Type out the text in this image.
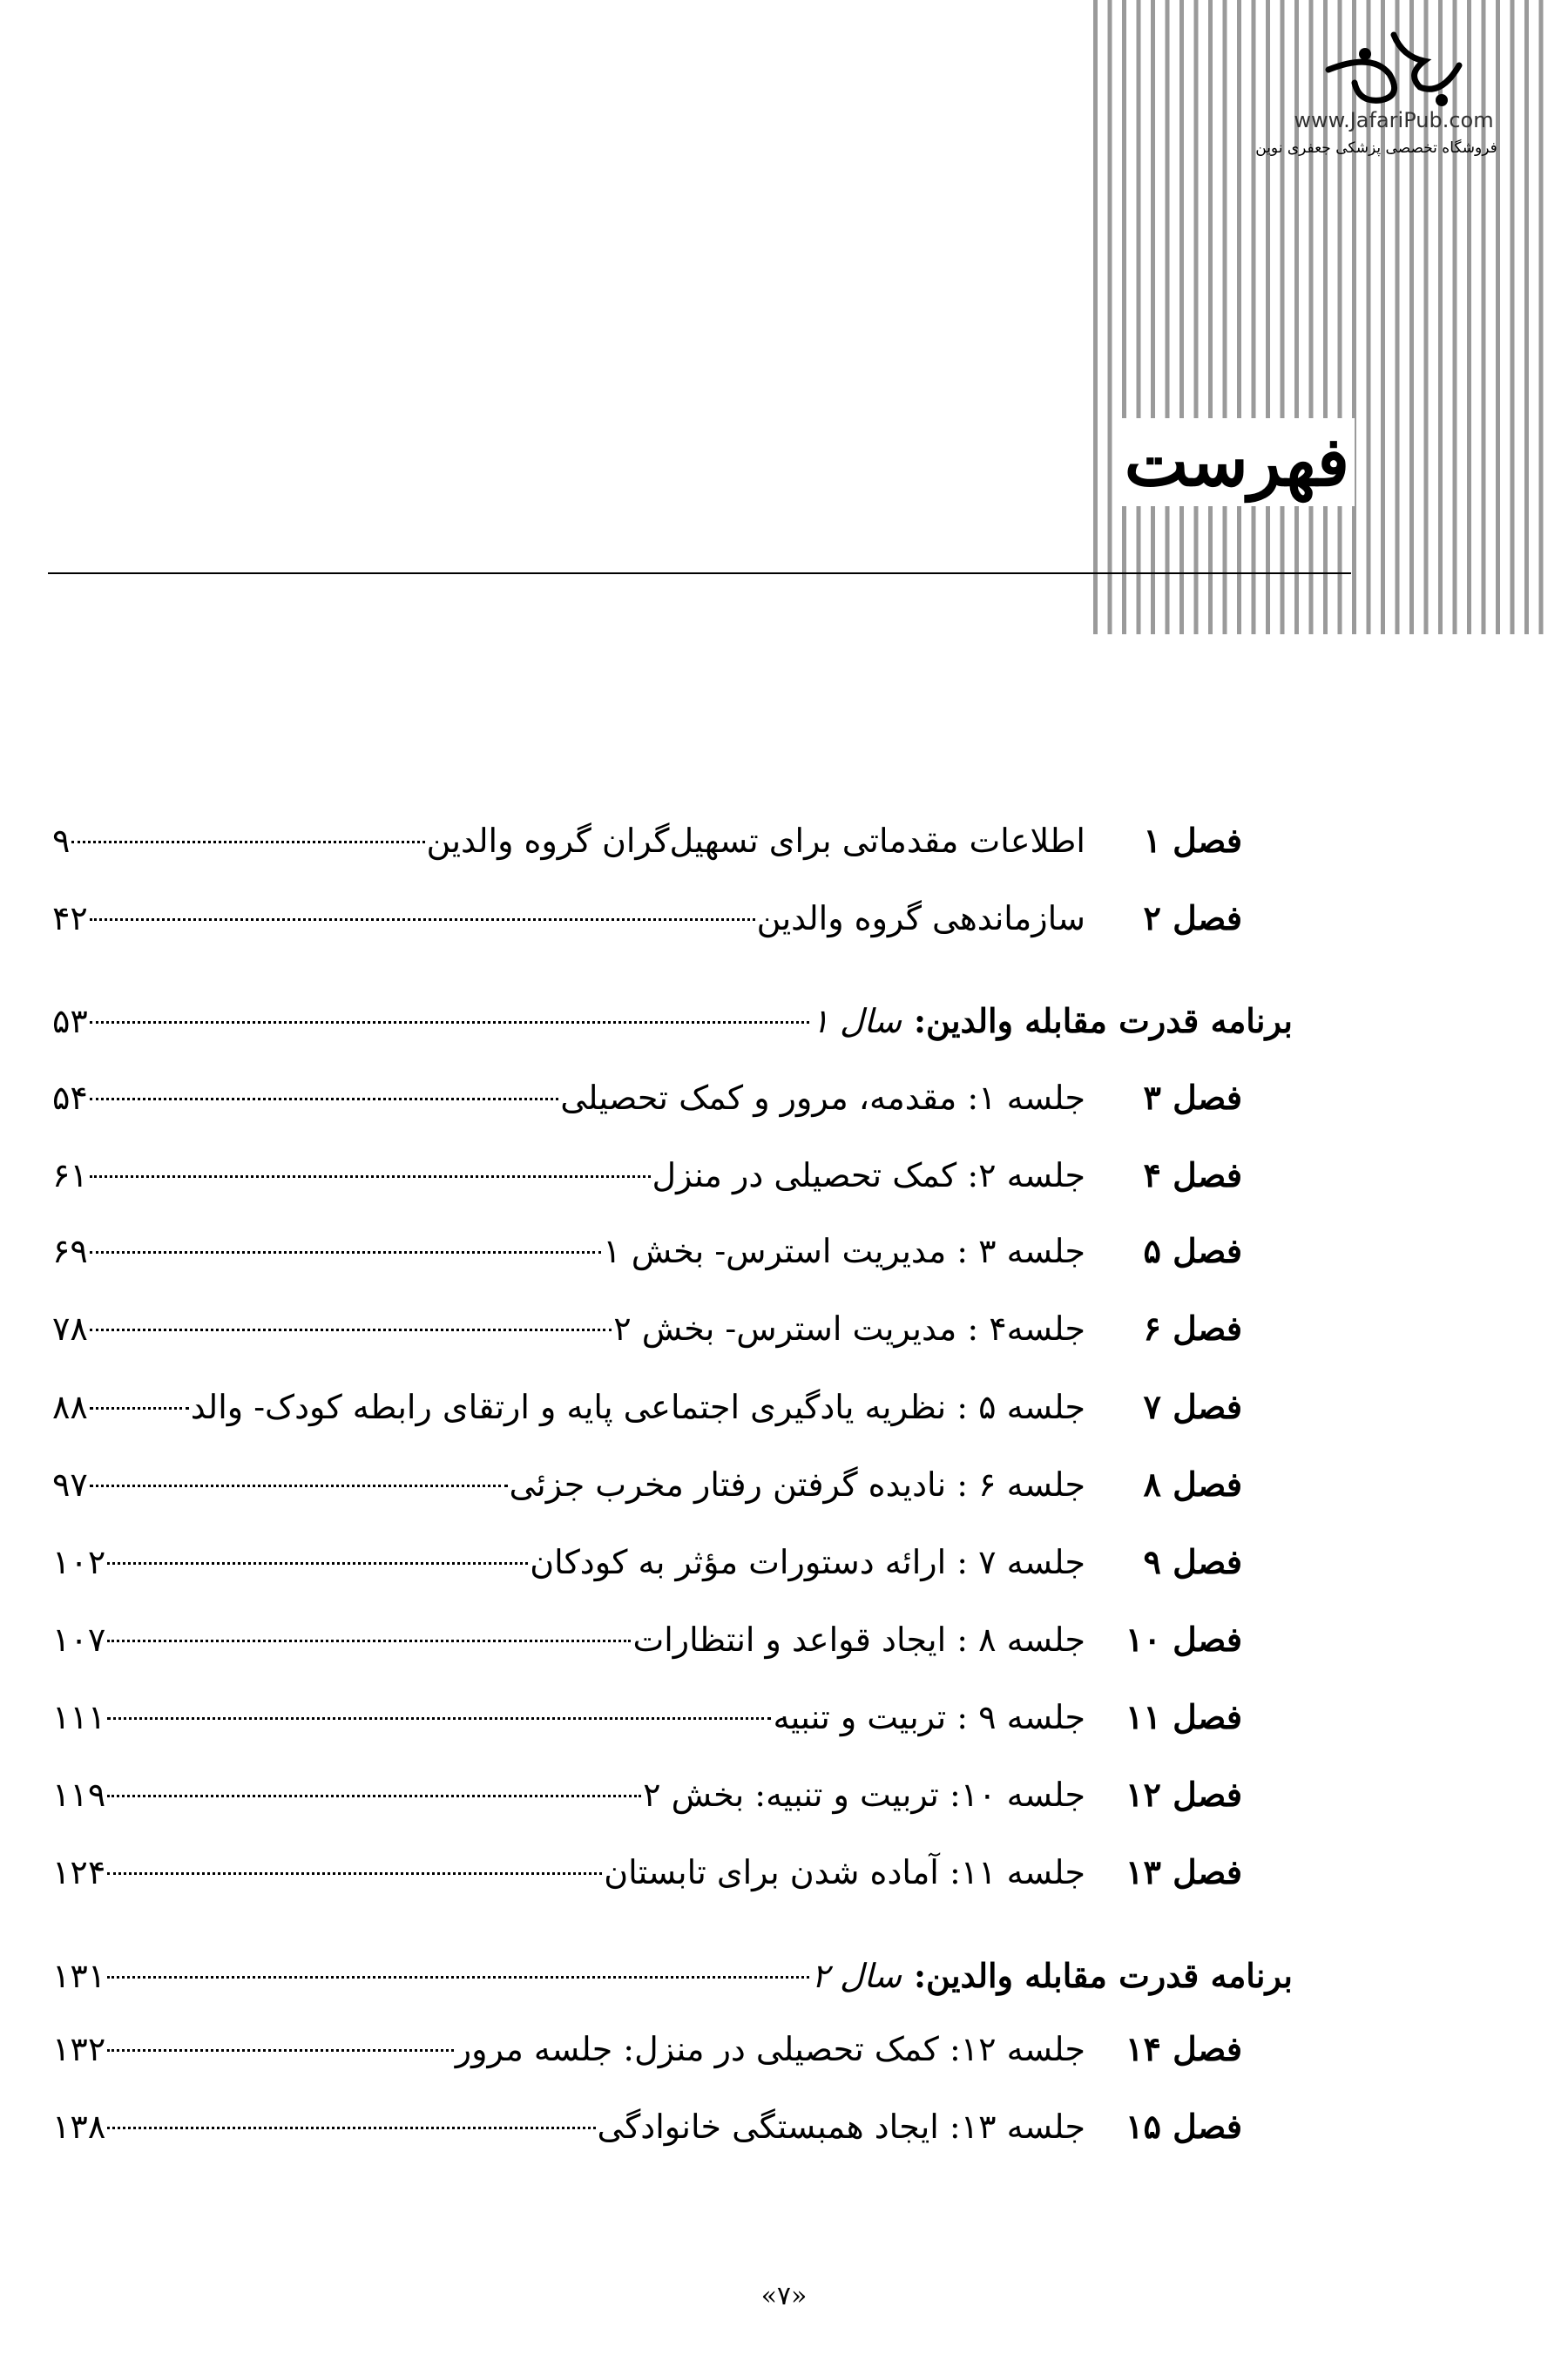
www.JafariPub.com
فروشگاه تخصصی پزشکی جعفری نوین
فهرست
فصل ۱
اطلاعات مقدماتی برای تسهیل‌گران گروه والدین
۹
فصل ۲
سازماندهی گروه والدین
۴۲
برنامه قدرت مقابله والدین:
سال ۱
۵۳
فصل ۳
جلسه ۱: مقدمه، مرور و کمک تحصیلی
۵۴
فصل ۴
جلسه ۲: کمک تحصیلی در منزل
۶۱
فصل ۵
جلسه ۳ : مدیریت استرس- بخش ۱
۶۹
فصل ۶
جلسه۴ : مدیریت استرس- بخش ۲
۷۸
فصل ۷
جلسه ۵ : نظریه یادگیری اجتماعی پایه و ارتقای رابطه کودک- والد
۸۸
فصل ۸
جلسه ۶ : نادیده گرفتن رفتار مخرب جزئی
۹۷
فصل ۹
جلسه ۷ : ارائه دستورات مؤثر به کودکان
۱۰۲
فصل ۱۰
جلسه ۸ : ایجاد قواعد و انتظارات
۱۰۷
فصل ۱۱
جلسه ۹ : تربیت و تنبیه
۱۱۱
فصل ۱۲
جلسه ۱۰: تربیت و تنبیه: بخش ۲
۱۱۹
فصل ۱۳
جلسه ۱۱: آماده شدن برای تابستان
۱۲۴
برنامه قدرت مقابله والدین:
سال ۲
۱۳۱
فصل ۱۴
جلسه ۱۲: کمک تحصیلی در منزل: جلسه مرور
۱۳۲
فصل ۱۵
جلسه ۱۳: ایجاد همبستگی خانوادگی
۱۳۸
«۷»
